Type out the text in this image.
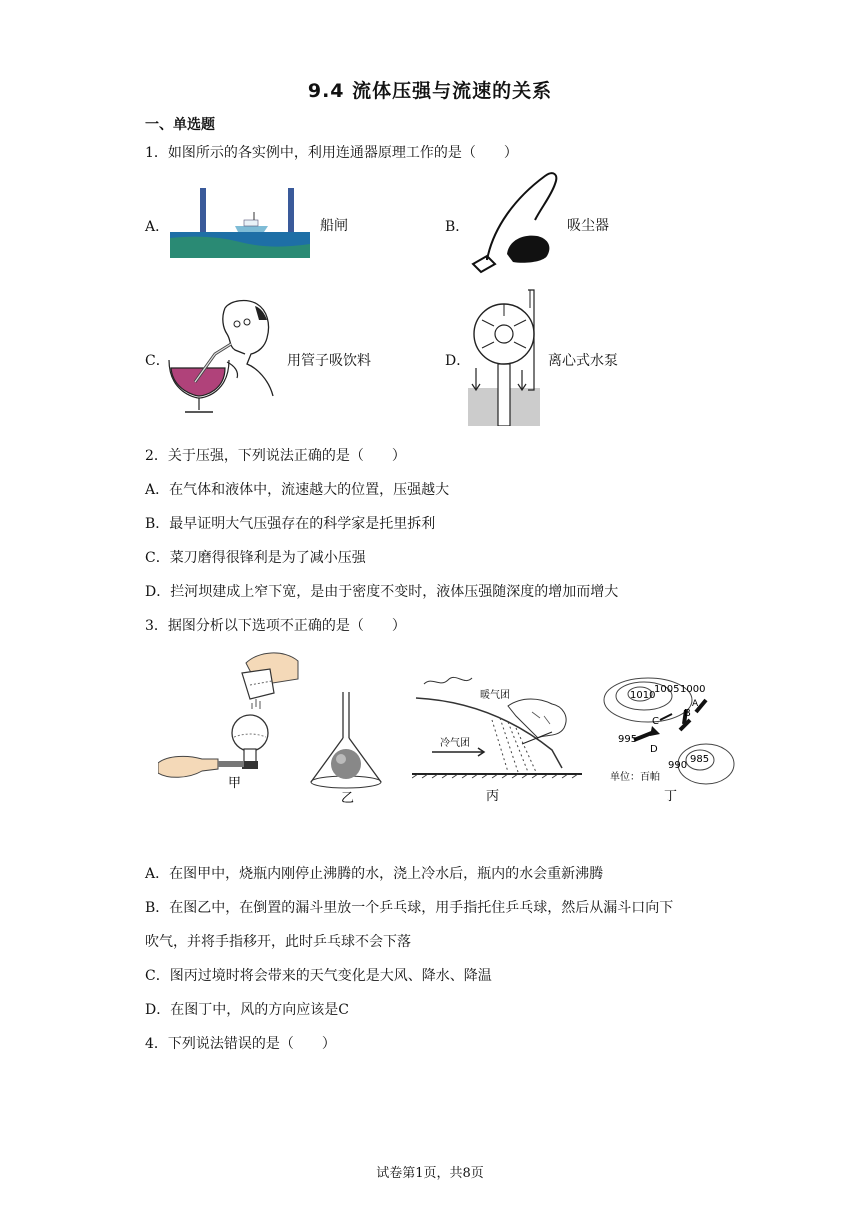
9.4 流体压强与流速的关系
一、单选题
1．如图所示的各实例中，利用连通器原理工作的是（　　）
A．	船闸	B．	吸尘器
C．	用管子吸饮料	D．	离心式水泵
2．关于压强，下列说法正确的是（　　）
A．在气体和液体中，流速越大的位置，压强越大
B．最早证明大气压强存在的科学家是托里拆利
C．菜刀磨得很锋利是为了减小压强
D．拦河坝建成上窄下宽，是由于密度不变时，液体压强随深度的增加而增大
3．据图分析以下选项不正确的是（　　）
甲
乙
暖气团
冷气团
丙
1010
1005 1000
995
990
985
A
B
C
D
单位：百帕
丁
A．在图甲中，烧瓶内刚停止沸腾的水，浇上冷水后，瓶内的水会重新沸腾
B．在图乙中，在倒置的漏斗里放一个乒乓球，用手指托住乒乓球，然后从漏斗口向下
吹气，并将手指移开，此时乒乓球不会下落
C．图丙过境时将会带来的天气变化是大风、降水、降温
D．在图丁中，风的方向应该是C
4．下列说法错误的是（　　）
试卷第1页，共8页
